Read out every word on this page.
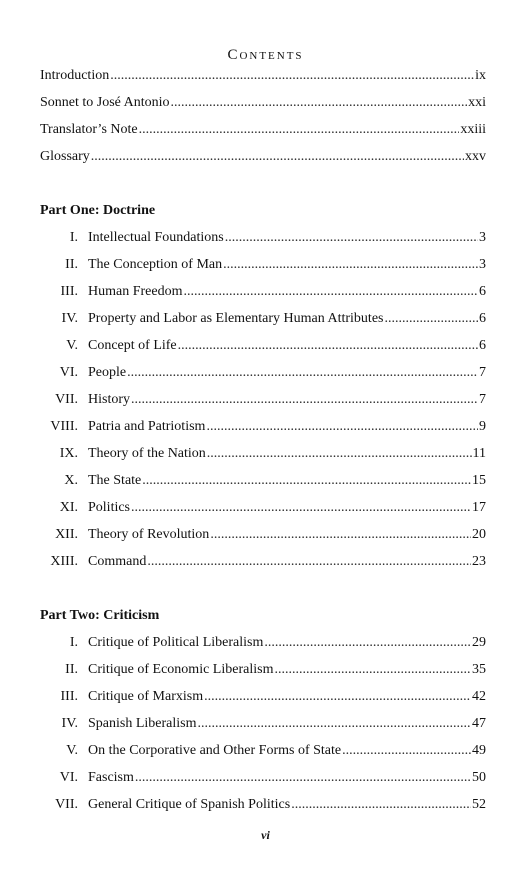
Contents
Introduction .....	ix
Sonnet to José Antonio .....	xxi
Translator’s Note .....	xxiii
Glossary .....	xxv
Part One: Doctrine
I. Intellectual Foundations .....	3
II. The Conception of Man .....	3
III. Human Freedom .....	6
IV. Property and Labor as Elementary Human Attributes .....	6
V. Concept of Life .....	6
VI. People .....	7
VII. History .....	7
VIII. Patria and Patriotism .....	9
IX. Theory of the Nation .....	11
X. The State .....	15
XI. Politics .....	17
XII. Theory of Revolution .....	20
XIII. Command .....	23
Part Two: Criticism
I. Critique of Political Liberalism .....	29
II. Critique of Economic Liberalism .....	35
III. Critique of Marxism .....	42
IV. Spanish Liberalism .....	47
V. On the Corporative and Other Forms of State .....	49
VI. Fascism .....	50
VII. General Critique of Spanish Politics .....	52
vi
